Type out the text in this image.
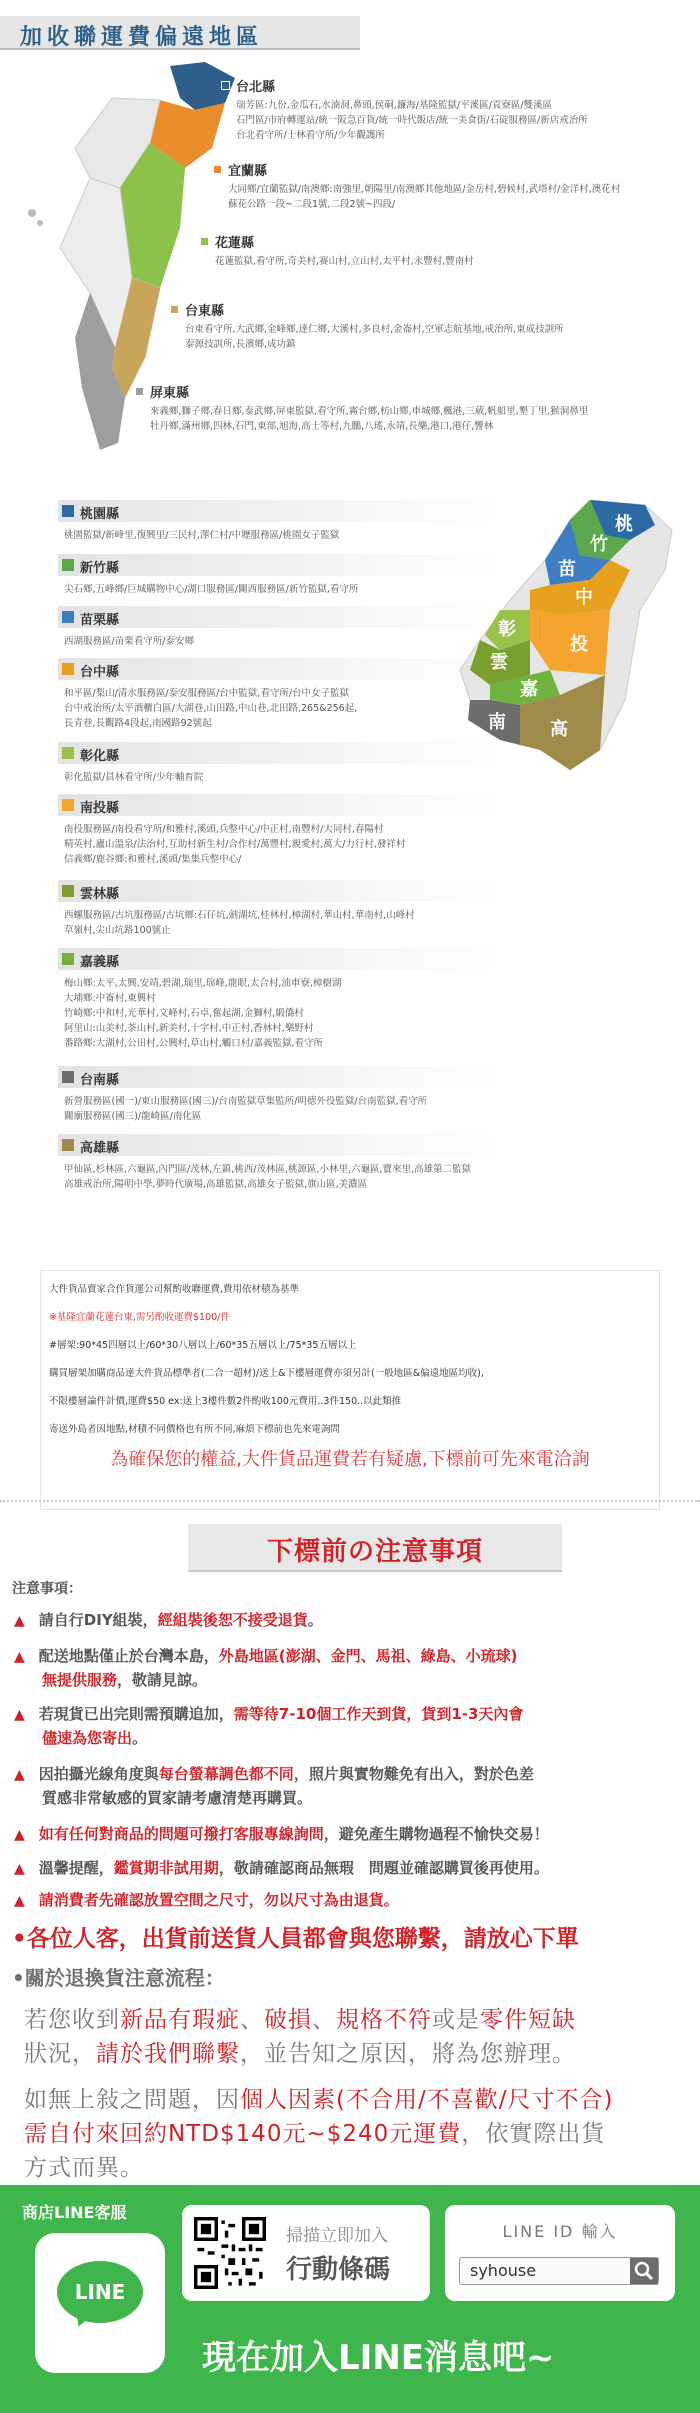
加收聯運費偏遠地區
台北縣
瑞芳區:九份,金瓜石,水湳洞,鼻頭,侯硐,濂海/基隆監獄/平溪區/貢寮區/雙溪區
石門區/市府轉運站/統一阪急百貨/統一時代飯店/統一美食街/石碇服務區/新店戒治所
台北看守所/士林看守所/少年觀護所
宜蘭縣
大同鄉/宜蘭監獄/南澳鄉:南強里,朝陽里/南澳鄉其他地區/金岳村,碧候村,武塔村/金洋村,澳花村
蘇花公路一段~二段1號,二段2號~四段/
花蓮縣
花蓮監獄,看守所,奇美村,赛山村,立山村,太平村,永豐村,豐南村
台東縣
台東看守所,大武鄉,金峰鄉,達仁鄉,大溪村,多良村,金崙村,空軍志航基地,戒治所,東成技訓所
泰源技訓所,長濱鄉,成功鎮
屏東縣
來義鄉,獅子鄉,春日鄉,泰武鄉,屏東監獄,看守所,霧台鄉,枋山鄉,車城鄉,楓港,三葳,帆船里,墾丁里,猴洞鼻里
牡丹鄉,滿州鄉,四林,石門,東部,旭海,高士等村,九鵬,八瑤,永靖,長樂,港口,港仔,響林
桃園縣
桃園監獄/新峰里,復興里/三民村,澤仁村/中壢服務區/桃園女子監獄
新竹縣
尖石鄉,五峰鄉/巨城購物中心/湖口服務區/關西服務區/新竹監獄,看守所
苗栗縣
西湖服務區/苗栗看守所/泰安鄉
台中縣
和平區/梨山/清水服務區/泰安服務區/台中監獄,看守所/台中女子監獄
台中戒治所/太平酒櫃白區/大湖巷,山田路,中山巷,北田路,265&256起,
長青巷,長觀路4段起,南國路92號起
彰化縣
彰化監獄/員林看守所/少年輔育院
南投縣
南投服務區/南投看守所/和雅村,溪頭,兵整中心/中正村,南豐村/大同村,春陽村
精英村,廬山溫泉/法治村,互助村新生村/合作村/萬豐村,親愛村,萬大/力行村,發祥村
信義鄉/鹿谷鄉:和雅村,溪頭/集集兵整中心/
雲林縣
西螺服務區/古坑服務區/古坑鄉:石仔坑,劍湖坑,桂林村,樟湖村,華山村,華南村,山峰村
草嶺村,尖山坑路100號止
嘉義縣
梅山鄉:太平,太興,安靖,碧湖,瑞里,瑞峰,龍眼,太合村,油車寮,樟樹湖
大埔鄉:中崙村,東興村
竹崎鄉:中和村,光華村,文峰村,石卓,奮起湖,金獅村,緞僑村
阿里山:山美村,茶山村,新美村,十字村,中正村,香林村,樂野村
番路鄉:大湖村,公田村,公興村,草山村,觸口村/嘉義監獄,看守所
台南縣
新營服務區(國一)/東山服務區(國三)/台南監獄草集監所/明德外役監獄/台南監獄,看守所
關廟服務區(國三)/龍崎區/南化區
高雄縣
甲仙區,杉林區,六龜區,內門區/茂林,左鎮,桃西/茂林區,桃源區,小林里,六龜區,寶來里,高雄第二監獄
高雄戒治所,陽明中學,夢時代廣場,高雄監獄,高雄女子監獄,旗山區,美濃區
桃
竹
苗
中
彰
投
雲
嘉
南 高
大件貨品賣家合作貨運公司幫酌收聯運費,費用依材積為基準
※基隆宜蘭花蓮台東,需另酌收運費$100/件
#層架:90*45四層以上/60*30八層以上/60*35五層以上/75*35五層以上
購買層架加購商品達大件貨品標準者(二合一超材)/送上&下樓層運費亦須另計(一般地區&偏遠地區均收),
不限樓層論件計價,運費$50 ex:送上3樓件數2件酌收100元費用..3件150..以此類推
寄送外島者因地點,材積不同價格也有所不同,麻煩下標前也先來電詢問
為確保您的權益,大件貨品運費若有疑慮,下標前可先來電洽詢
下標前の注意事項
注意事項：
▲　請自行DIY組裝，經組裝後恕不接受退貨。
▲　配送地點僅止於台灣本島，外島地區(澎湖、金門、馬祖、綠島、小琉球)
無提供服務，敬請見諒。
▲　若現貨已出完則需預購追加，需等待7-10個工作天到貨，貨到1-3天內會
儘速為您寄出。
▲　因拍攝光線角度與每台螢幕調色都不同，照片與實物難免有出入，對於色差
質感非常敏感的買家請考慮清楚再購買。
▲　如有任何對商品的問題可撥打客服專線詢問，避免產生購物過程不愉快交易！
▲　溫馨提醒，鑑賞期非試用期，敬請確認商品無瑕　問題並確認購買後再使用。
▲　請消費者先確認放置空間之尺寸，勿以尺寸為由退貨。
•各位人客，出貨前送貨人員都會與您聯繫，請放心下單
•關於退換貨注意流程：
若您收到新品有瑕疵、破損、規格不符或是零件短缺
狀況，請於我們聯繫，並告知之原因，將為您辦理。
如無上敍之問題，因個人因素(不合用/不喜歡/尺寸不合)
需自付來回約NTD$140元~$240元運費，依實際出貨
方式而異。
商店LINE客服
LINE
掃描立即加入
行動條碼
LINE ID 輸入
syhouse
現在加入LINE消息吧~
